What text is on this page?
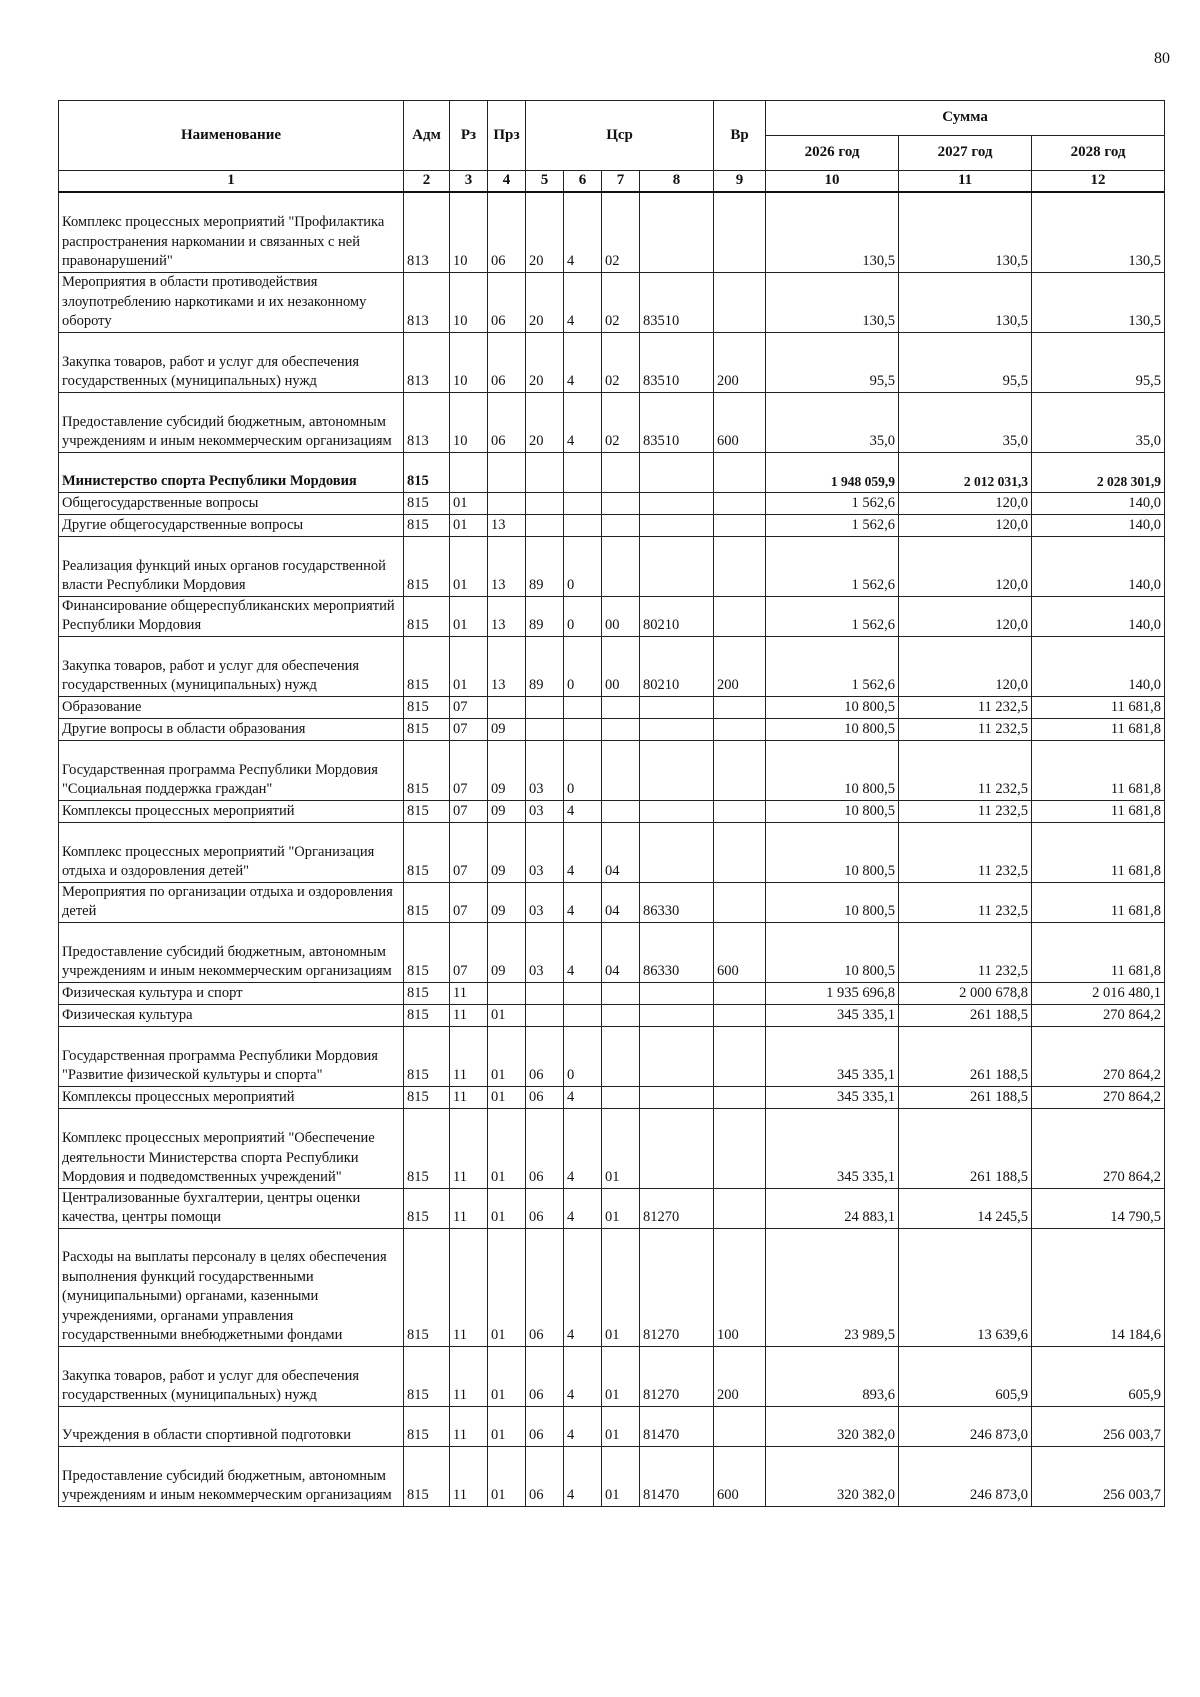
80
Наименование	Адм	Рз	Прз	Цср				Вр	Сумма		
									2026 год	2027 год	2028 год
1	2	3	4	5	6	7	8	9	10	11	12
Комплекс процессных мероприятий "Профилактика распространения наркомании и связанных с ней правонарушений"	813	10	06	20	4	02			130,5	130,5	130,5
Мероприятия в области противодействия злоупотреблению наркотиками и их незаконному обороту	813	10	06	20	4	02	83510		130,5	130,5	130,5
Закупка товаров, работ и услуг для обеспечения государственных (муниципальных) нужд	813	10	06	20	4	02	83510	200	95,5	95,5	95,5
Предоставление субсидий бюджетным, автономным учреждениям и иным некоммерческим организациям	813	10	06	20	4	02	83510	600	35,0	35,0	35,0
Министерство спорта Республики Мордовия	815								1 948 059,9	2 012 031,3	2 028 301,9
Общегосударственные вопросы	815	01							1 562,6	120,0	140,0
Другие общегосударственные вопросы	815	01	13						1 562,6	120,0	140,0
Реализация функций иных органов государственной власти Республики Мордовия	815	01	13	89	0				1 562,6	120,0	140,0
Финансирование общереспубликанских мероприятий Республики Мордовия	815	01	13	89	0	00	80210		1 562,6	120,0	140,0
Закупка товаров, работ и услуг для обеспечения государственных (муниципальных) нужд	815	01	13	89	0	00	80210	200	1 562,6	120,0	140,0
Образование	815	07							10 800,5	11 232,5	11 681,8
Другие вопросы в области образования	815	07	09						10 800,5	11 232,5	11 681,8
Государственная программа Республики Мордовия "Социальная поддержка граждан"	815	07	09	03	0				10 800,5	11 232,5	11 681,8
Комплексы процессных мероприятий	815	07	09	03	4				10 800,5	11 232,5	11 681,8
Комплекс процессных мероприятий "Организация отдыха и оздоровления детей"	815	07	09	03	4	04			10 800,5	11 232,5	11 681,8
Мероприятия по организации отдыха и оздоровления детей	815	07	09	03	4	04	86330		10 800,5	11 232,5	11 681,8
Предоставление субсидий бюджетным, автономным учреждениям и иным некоммерческим организациям	815	07	09	03	4	04	86330	600	10 800,5	11 232,5	11 681,8
Физическая культура и спорт	815	11							1 935 696,8	2 000 678,8	2 016 480,1
Физическая культура	815	11	01						345 335,1	261 188,5	270 864,2
Государственная программа Республики Мордовия "Развитие физической культуры и спорта"	815	11	01	06	0				345 335,1	261 188,5	270 864,2
Комплексы процессных мероприятий	815	11	01	06	4				345 335,1	261 188,5	270 864,2
Комплекс процессных мероприятий "Обеспечение деятельности Министерства спорта Республики Мордовия и подведомственных учреждений"	815	11	01	06	4	01			345 335,1	261 188,5	270 864,2
Централизованные бухгалтерии, центры оценки качества, центры помощи	815	11	01	06	4	01	81270		24 883,1	14 245,5	14 790,5
Расходы на выплаты персоналу в целях обеспечения выполнения функций государственными (муниципальными) органами, казенными учреждениями, органами управления государственными внебюджетными фондами	815	11	01	06	4	01	81270	100	23 989,5	13 639,6	14 184,6
Закупка товаров, работ и услуг для обеспечения государственных (муниципальных) нужд	815	11	01	06	4	01	81270	200	893,6	605,9	605,9
Учреждения в области спортивной подготовки	815	11	01	06	4	01	81470		320 382,0	246 873,0	256 003,7
Предоставление субсидий бюджетным, автономным учреждениям и иным некоммерческим организациям	815	11	01	06	4	01	81470	600	320 382,0	246 873,0	256 003,7
